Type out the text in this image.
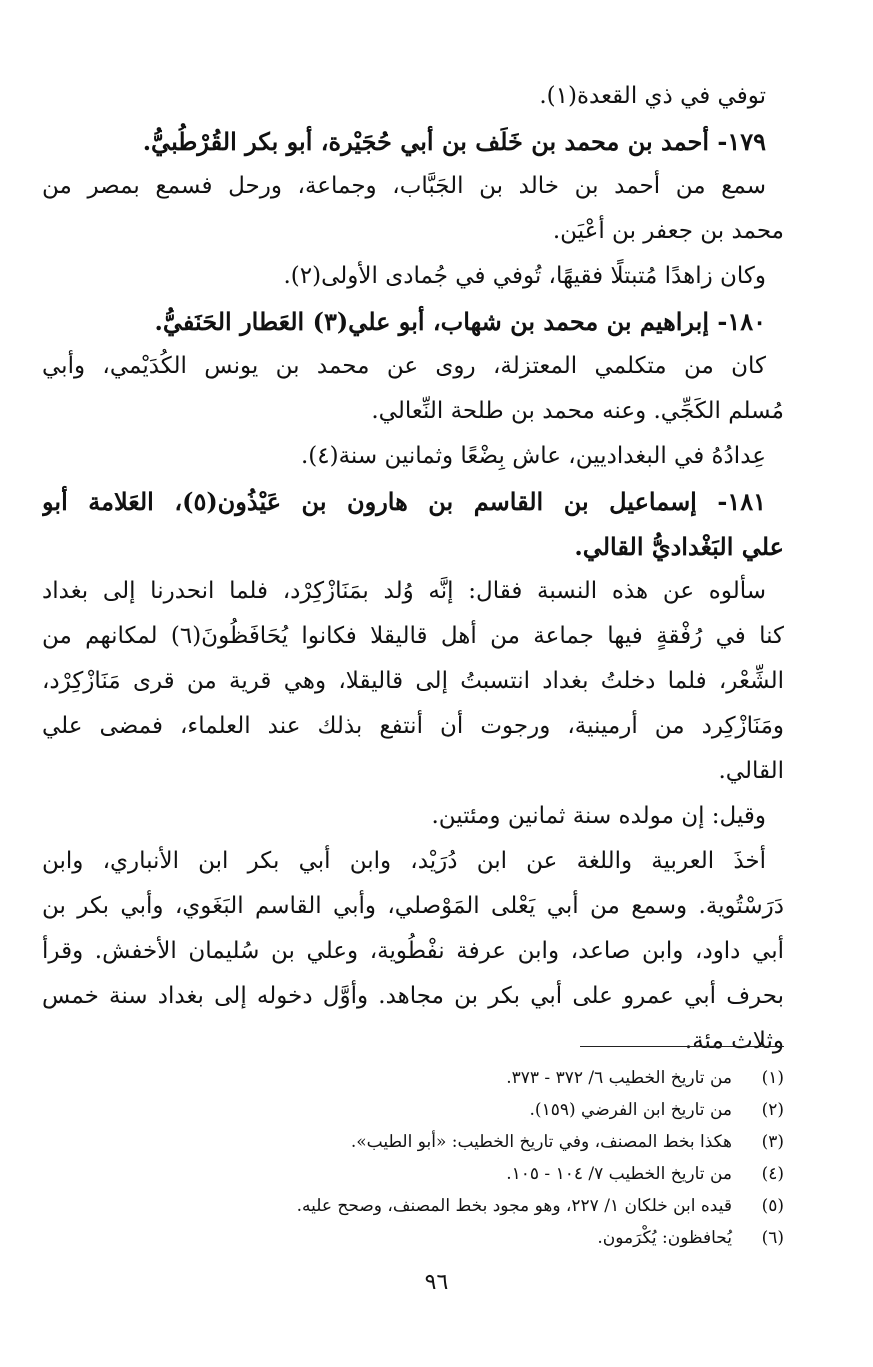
توفي في ذي القعدة(١).
١٧٩- أحمد بن محمد بن خَلَف بن أبي حُجَيْرة، أبو بكر القُرْطُبيُّ.
سمع من أحمد بن خالد بن الجَبَّاب، وجماعة، ورحل فسمع بمصر من
محمد بن جعفر بن أعْيَن.
وكان زاهدًا مُتبتلًا فقيهًا، تُوفي في جُمادى الأولى(٢).
١٨٠- إبراهيم بن محمد بن شهاب، أبو علي(٣) العَطار الحَنَفيُّ.
كان من متكلمي المعتزلة، روى عن محمد بن يونس الكُدَيْمي، وأبي
مُسلم الكَجِّي. وعنه محمد بن طلحة النِّعالي.
عِدادُهُ في البغداديين، عاش بِضْعًا وثمانين سنة(٤).
١٨١- إسماعيل بن القاسم بن هارون بن عَيْذُون(٥)، العَلامة أبو
علي البَغْداديُّ القالي.
سألوه عن هذه النسبة فقال: إنَّه وُلد بمَنَازْكِرْد، فلما انحدرنا إلى بغداد
كنا في رُفْقةٍ فيها جماعة من أهل قاليقلا فكانوا يُحَافَظُونَ(٦) لمكانهم من
الشِّعْر، فلما دخلتُ بغداد انتسبتُ إلى قاليقلا، وهي قرية من قرى مَنَازْكِرْد،
ومَنَازْكِرد من أرمينية، ورجوت أن أنتفع بذلك عند العلماء، فمضى علي
القالي.
وقيل: إن مولده سنة ثمانين ومئتين.
أخذَ العربية واللغة عن ابن دُرَيْد، وابن أبي بكر ابن الأنباري، وابن
دَرَسْتُوية. وسمع من أبي يَعْلى المَوْصلي، وأبي القاسم البَغَوي، وأبي بكر بن
أبي داود، وابن صاعد، وابن عرفة نفْطُوية، وعلي بن سُليمان الأخفش. وقرأ
بحرف أبي عمرو على أبي بكر بن مجاهد. وأوَّل دخوله إلى بغداد سنة خمس
وثلاث مئة.
(١)من تاريخ الخطيب ٦/ ٣٧٢ - ٣٧٣.
(٢)من تاريخ ابن الفرضي (١٥٩).
(٣)هكذا بخط المصنف، وفي تاريخ الخطيب: «أبو الطيب».
(٤)من تاريخ الخطيب ٧/ ١٠٤ - ١٠٥.
(٥)قيده ابن خلكان ١/ ٢٢٧، وهو مجود بخط المصنف، وصحح عليه.
(٦)يُحافظون: يُكْرَمون.
٩٦
